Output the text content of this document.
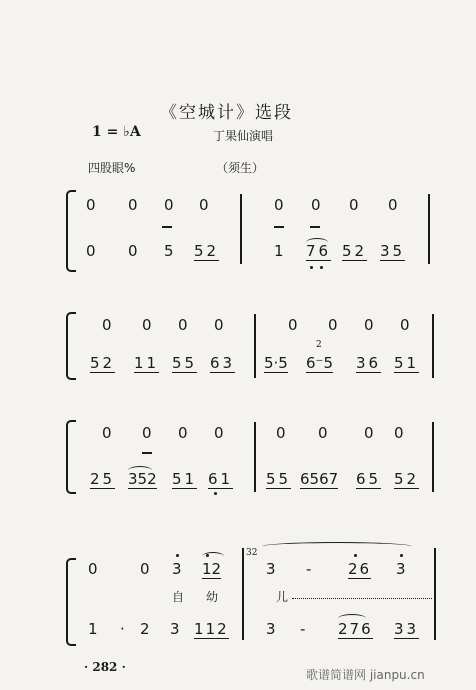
《空城计》选段
1 = ♭A	丁果仙演唱
四股眼%	（须生）
0 0 0 0	0 0 0 0
0 0 5 52	1 76 52 35
0 0 0 0	0 0 0 0
52 11 55 63 5·5 6⁻5
2
36 51
0 0 0 0	0 0 0 0
25 352 51 61 55 6567 65 52
0	0 3 12
32
3 - 26 3
自 幼	儿
1 · 2 3 112 3 - 276 33
· 282 ·
歌谱简谱网 jianpu.cn
